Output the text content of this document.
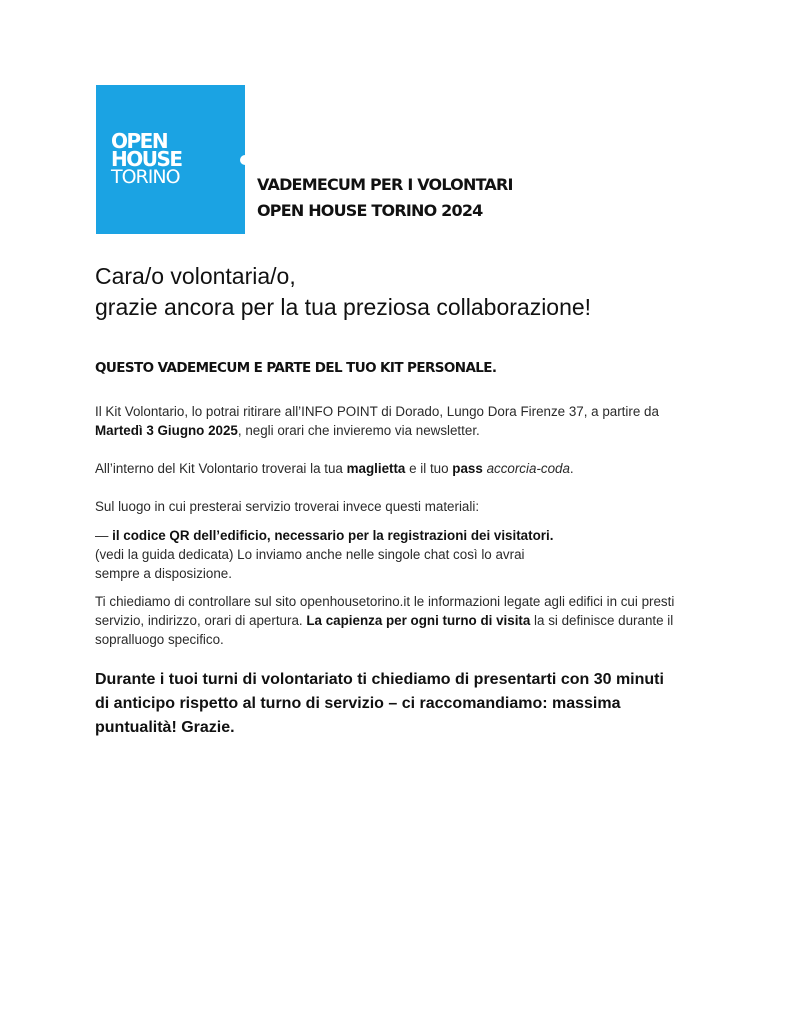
OPEN
HOUSE
TORINO	VADEMECUM PER I VOLONTARI
OPEN HOUSE TORINO 2024
Cara/o volontaria/o,
grazie ancora per la tua preziosa collaborazione!
QUESTO VADEMECUM E PARTE DEL TUO KIT PERSONALE.
Il Kit Volontario, lo potrai ritirare all’INFO POINT di Dorado, Lungo Dora Firenze 37, a partire da Martedì 3 Giugno 2025, negli orari che invieremo via newsletter.
All’interno del Kit Volontario troverai la tua maglietta e il tuo pass accorcia-coda.
Sul luogo in cui presterai servizio troverai invece questi materiali:
— il codice QR dell’edificio, necessario per la registrazioni dei visitatori.
(vedi la guida dedicata) Lo inviamo anche nelle singole chat così lo avrai
sempre a disposizione.
Ti chiediamo di controllare sul sito openhousetorino.it le informazioni legate agli edifici in cui presti servizio, indirizzo, orari di apertura. La capienza per ogni turno di visita la si definisce durante il sopralluogo specifico.
Durante i tuoi turni di volontariato ti chiediamo di presentarti con 30 minuti
di anticipo rispetto al turno di servizio – ci raccomandiamo: massima
puntualità! Grazie.
